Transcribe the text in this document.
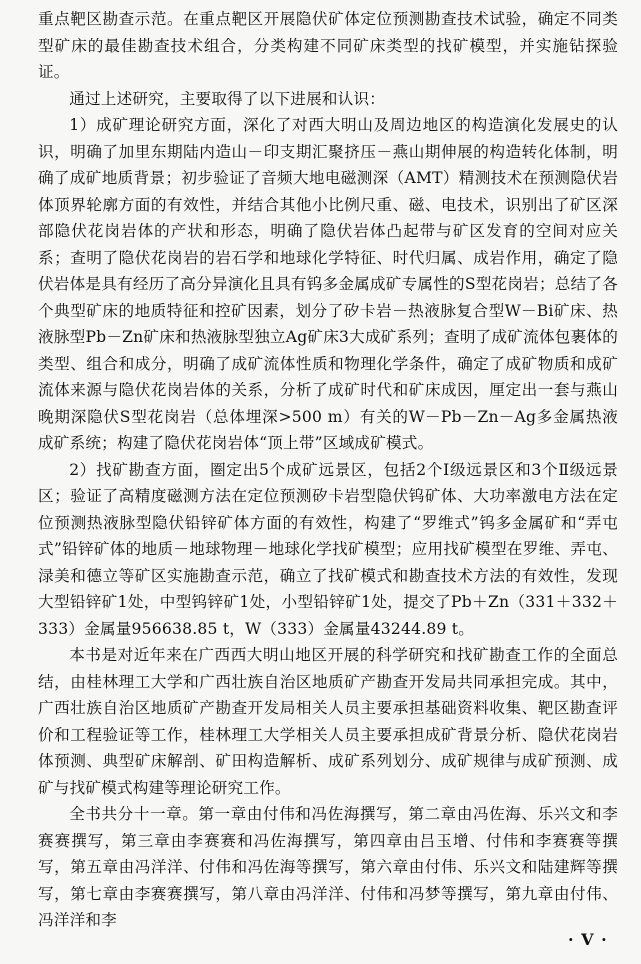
重点靶区勘查示范。在重点靶区开展隐伏矿体定位预测勘查技术试验，确定不同类型矿床的最佳勘查技术组合，分类构建不同矿床类型的找矿模型，并实施钻探验证。

通过上述研究，主要取得了以下进展和认识：

1）成矿理论研究方面，深化了对西大明山及周边地区的构造演化发展史的认识，明确了加里东期陆内造山－印支期汇聚挤压－燕山期伸展的构造转化体制，明确了成矿地质背景；初步验证了音频大地电磁测深（AMT）精测技术在预测隐伏岩体顶界轮廓方面的有效性，并结合其他小比例尺重、磁、电技术，识别出了矿区深部隐伏花岗岩体的产状和形态，明确了隐伏岩体凸起带与矿区发育的空间对应关系；查明了隐伏花岗岩的岩石学和地球化学特征、时代归属、成岩作用，确定了隐伏岩体是具有经历了高分异演化且具有钨多金属成矿专属性的S型花岗岩；总结了各个典型矿床的地质特征和控矿因素，划分了矽卡岩－热液脉复合型W－Bi矿床、热液脉型Pb－Zn矿床和热液脉型独立Ag矿床3大成矿系列；查明了成矿流体包裹体的类型、组合和成分，明确了成矿流体性质和物理化学条件，确定了成矿物质和成矿流体来源与隐伏花岗岩体的关系，分析了成矿时代和矿床成因，厘定出一套与燕山晚期深隐伏S型花岗岩（总体埋深>500 m）有关的W－Pb－Zn－Ag多金属热液成矿系统；构建了隐伏花岗岩体“顶上带”区域成矿模式。

2）找矿勘查方面，圈定出5个成矿远景区，包括2个Ⅰ级远景区和3个Ⅱ级远景区；验证了高精度磁测方法在定位预测矽卡岩型隐伏钨矿体、大功率激电方法在定位预测热液脉型隐伏铅锌矿体方面的有效性，构建了“罗维式”钨多金属矿和“弄屯式”铅锌矿体的地质－地球物理－地球化学找矿模型；应用找矿模型在罗维、弄屯、渌美和德立等矿区实施勘查示范，确立了找矿模式和勘查技术方法的有效性，发现大型铅锌矿1处，中型钨锌矿1处，小型铅锌矿1处，提交了Pb＋Zn（331＋332＋333）金属量956638.85 t，W（333）金属量43244.89 t。

本书是对近年来在广西西大明山地区开展的科学研究和找矿勘查工作的全面总结，由桂林理工大学和广西壮族自治区地质矿产勘查开发局共同承担完成。其中，广西壮族自治区地质矿产勘查开发局相关人员主要承担基础资料收集、靶区勘查评价和工程验证等工作，桂林理工大学相关人员主要承担成矿背景分析、隐伏花岗岩体预测、典型矿床解剖、矿田构造解析、成矿系列划分、成矿规律与成矿预测、成矿与找矿模式构建等理论研究工作。

全书共分十一章。第一章由付伟和冯佐海撰写，第二章由冯佐海、乐兴文和李赛赛撰写，第三章由李赛赛和冯佐海撰写，第四章由吕玉增、付伟和李赛赛等撰写，第五章由冯洋洋、付伟和冯佐海等撰写，第六章由付伟、乐兴文和陆建辉等撰写，第七章由李赛赛撰写，第八章由冯洋洋、付伟和冯梦等撰写，第九章由付伟、冯洋洋和李

· V ·
